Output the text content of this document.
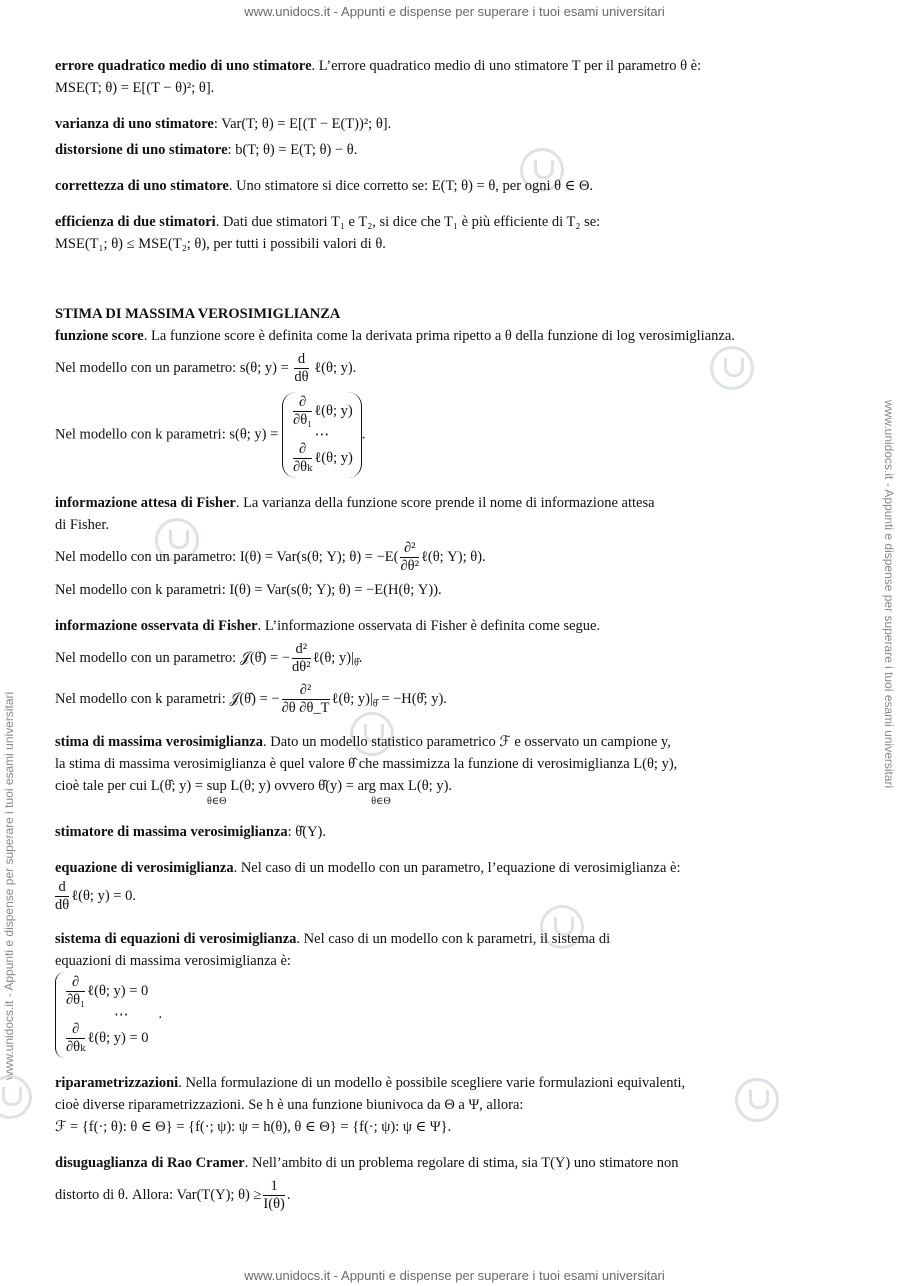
www.unidocs.it - Appunti e dispense per superare i tuoi esami universitari
www.unidocs.it - Appunti e dispense per superare i tuoi esami universitari
www.unidocs.it - Appunti e dispense per superare i tuoi esami universitari
www.unidocs.it - Appunti e dispense per superare i tuoi esami universitari
errore quadratico medio di uno stimatore. L’errore quadratico medio di uno stimatore T per il parametro θ è:
MSE(T; θ) = E[(T − θ)²; θ].
varianza di uno stimatore: Var(T; θ) = E[(T − E(T))²; θ].
distorsione di uno stimatore: b(T; θ) = E(T; θ) − θ.
correttezza di uno stimatore. Uno stimatore si dice corretto se: E(T; θ) = θ, per ogni θ ∈ Θ.
efficienza di due stimatori. Dati due stimatori T₁ e T₂, si dice che T₁ è più efficiente di T₂ se:
MSE(T₁; θ) ≤ MSE(T₂; θ), per tutti i possibili valori di θ.
STIMA DI MASSIMA VEROSIMIGLIANZA
funzione score. La funzione score è definita come la derivata prima ripetto a θ della funzione di log verosimiglianza.
Nel modello con un parametro: s(θ; $y) = \frac{d}{d\theta}$ ℓ(θ; y).
Nel modello con k parametri: s(θ; y) =
$\frac{\partial}{\text{∂θ₁}}$ ℓ(θ; y)
⋯
$\frac{\partial}{\text{∂θₖ}}$ ℓ(θ; y)
.
informazione attesa di Fisher. La varianza della funzione score prende il nome di informazione attesa
di Fisher.
Nel modello con un parametro: I(θ) = Var(s(θ; Y); $\theta) = -E( \frac{\text{∂²}}{\text{∂θ²}}$ ℓ(θ; Y); θ).
Nel modello con k parametri: I(θ) = Var(s(θ; Y); θ) = −E(H(θ; Y)).
informazione osservata di Fisher. L’informazione osservata di Fisher è definita come segue.
Nel modello con un parametro: 𝒥(θ̂) = − $\frac{\text{d²}}{\text{dθ²}}$ ℓ(θ; $y)|_{\thetâ}$.
Nel modello con k parametri: 𝒥(θ̂) = − $\frac{\text{∂²}}{\partial\theta \partial\theta\_T}$ ℓ(θ; $y)|_{\thetâ}$ = −H(θ̂; y).
stima di massima verosimiglianza. Dato un modello statistico parametrico ℱ e osservato un campione y,
la stima di massima verosimiglianza è quel valore θ̂ che massimizza la funzione di verosimiglianza L(θ; y),
cioè tale per cui L(θ̂; y) = sup
θ∈Θ
L(θ; y) ovvero θ̂(y) = arg max
θ∈Θ
L(θ; y).
stimatore di massima verosimiglianza: θ̂(Y).
equazione di verosimiglianza. Nel caso di un modello con un parametro, l’equazione di verosimiglianza è:
$\frac{d}{d\theta}$ ℓ(θ; y) = 0.
sistema di equazioni di verosimiglianza. Nel caso di un modello con k parametri, il sistema di
equazioni di massima verosimiglianza è:
$\frac{\partial}{\text{∂θ₁}}$ ℓ(θ; y) = 0
⋯
$\frac{\partial}{\text{∂θₖ}}$ ℓ(θ; y) = 0
.
riparametrizzazioni. Nella formulazione di un modello è possibile scegliere varie formulazioni equivalenti,
cioè diverse riparametrizzazioni. Se h è una funzione biunivoca da Θ a Ψ, allora:
ℱ = {f(·; θ): θ ∈ Θ} = {f(·; ψ): ψ = h(θ), θ ∈ Θ} = {f(·; ψ): ψ ∈ Ψ}.
disuguaglianza di Rao Cramer. Nell’ambito di un problema regolare di stima, sia T(Y) uno stimatore non
distorto di θ. Allora: Var(T(Y); $\theta) \ge \frac{1}{I(\theta)}$ .
